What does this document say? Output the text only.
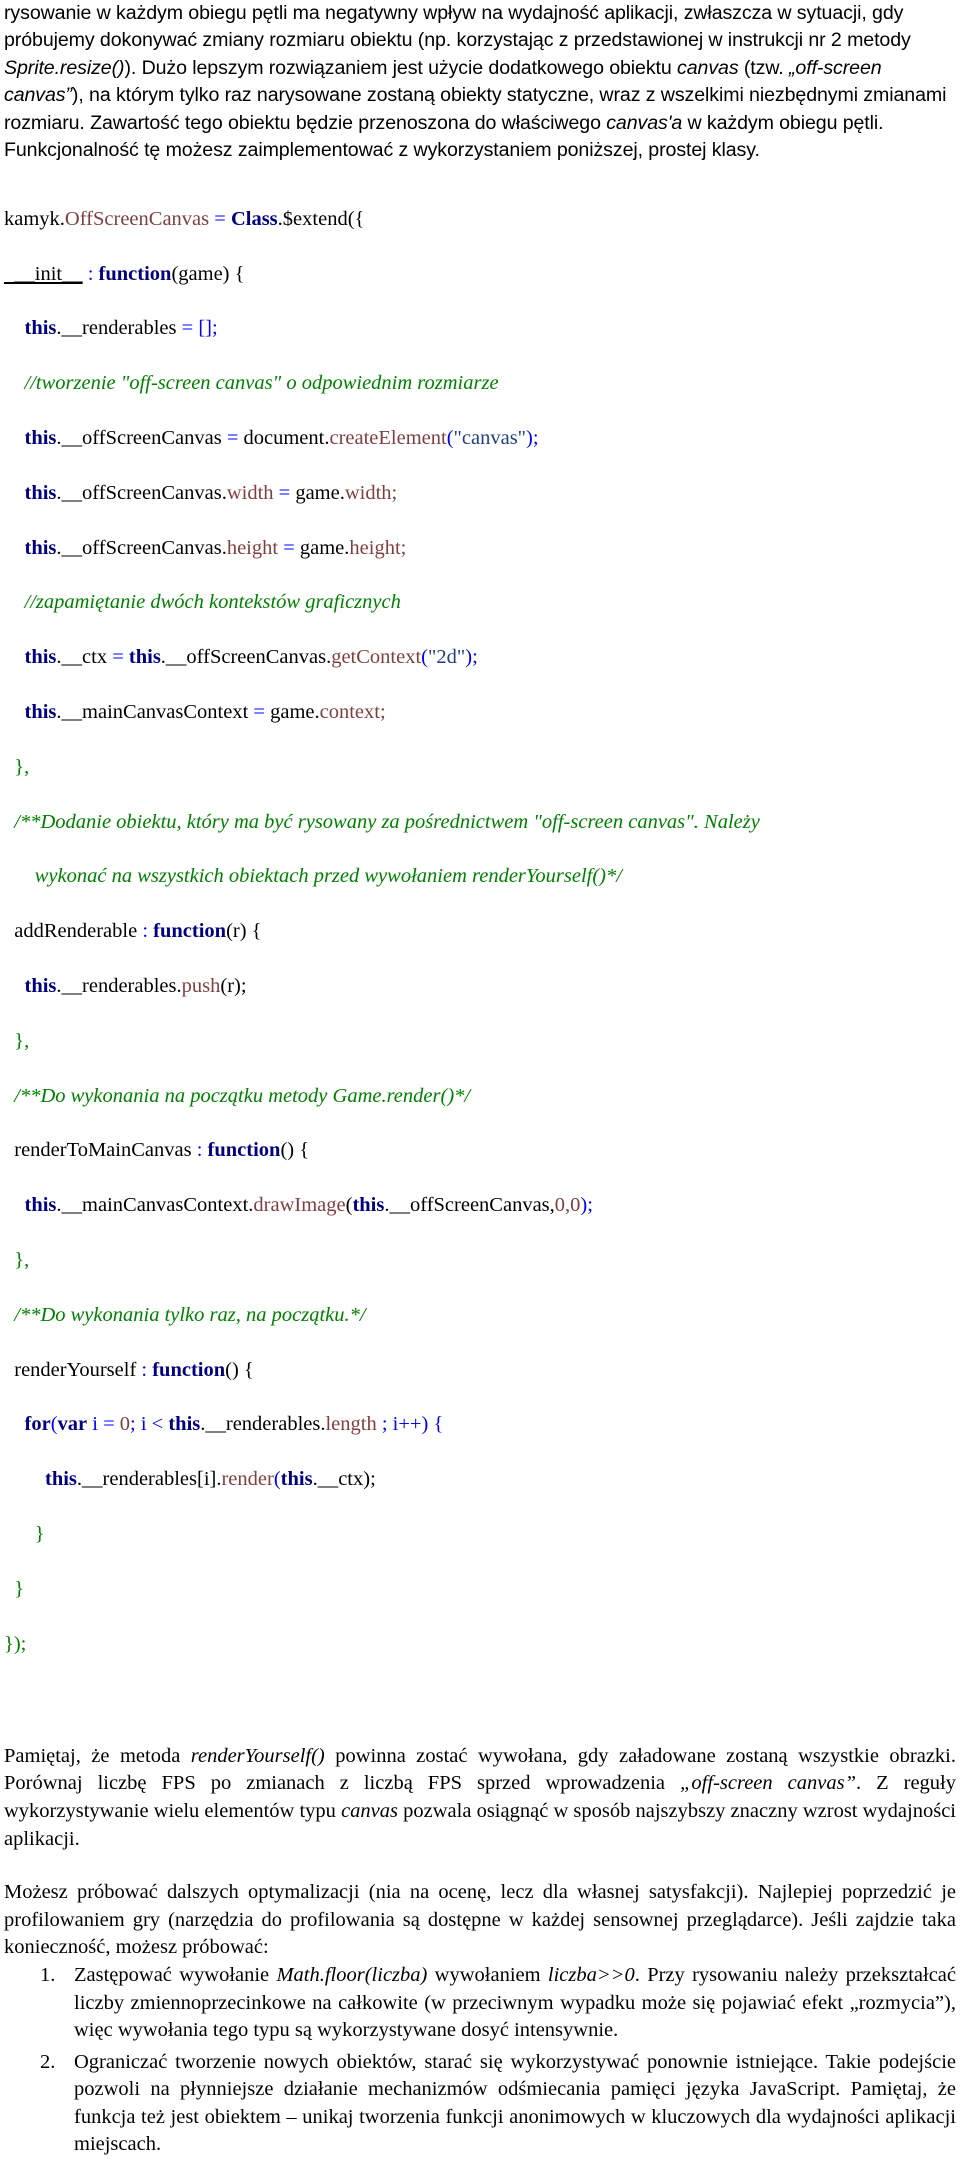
rysowanie w każdym obiegu pętli ma negatywny wpływ na wydajność aplikacji, zwłaszcza w sytuacji, gdy próbujemy dokonywać zmiany rozmiaru obiektu (np. korzystając z przedstawionej w instrukcji nr 2 metody Sprite.resize()). Dużo lepszym rozwiązaniem jest użycie dodatkowego obiektu canvas (tzw. „off-screen canvas”), na którym tylko raz narysowane zostaną obiekty statyczne, wraz z wszelkimi niezbędnymi zmianami rozmiaru. Zawartość tego obiektu będzie przenoszona do właściwego canvas'a w każdym obiegu pętli. Funkcjonalność tę możesz zaimplementować z wykorzystaniem poniższej, prostej klasy.

kamyk.OffScreenCanvas = Class.$extend({

__init__ : function(game) {

this.__renderables = [];

//tworzenie "off-screen canvas" o odpowiednim rozmiarze

this.__offScreenCanvas = document.createElement("canvas");

this.__offScreenCanvas.width = game.width;

this.__offScreenCanvas.height = game.height;

//zapamiętanie dwóch kontekstów graficznych

this.__ctx = this.__offScreenCanvas.getContext("2d");

this.__mainCanvasContext = game.context;

},

/**Dodanie obiektu, który ma być rysowany za pośrednictwem "off-screen canvas". Należy

wykonać na wszystkich obiektach przed wywołaniem renderYourself()*/

addRenderable : function(r) {

this.__renderables.push(r);

},

/**Do wykonania na początku metody Game.render()*/

renderToMainCanvas : function() {

this.__mainCanvasContext.drawImage(this.__offScreenCanvas,0,0);

},

/**Do wykonania tylko raz, na początku.*/

renderYourself : function() {

for(var i = 0; i < this.__renderables.length ; i++) {

this.__renderables[i].render(this.__ctx);

}

}

});

Pamiętaj, że metoda renderYourself() powinna zostać wywołana, gdy załadowane zostaną wszystkie obrazki. Porównaj liczbę FPS po zmianach z liczbą FPS sprzed wprowadzenia „off-screen canvas”. Z reguły wykorzystywanie wielu elementów typu canvas pozwala osiągnąć w sposób najszybszy znaczny wzrost wydajności aplikacji.

Możesz próbować dalszych optymalizacji (nia na ocenę, lecz dla własnej satysfakcji). Najlepiej poprzedzić je profilowaniem gry (narzędzia do profilowania są dostępne w każdej sensownej przeglądarce). Jeśli zajdzie taka konieczność, możesz próbować:

1. Zastępować wywołanie Math.floor(liczba) wywołaniem liczba>>0. Przy rysowaniu należy przekształcać liczby zmiennoprzecinkowe na całkowite (w przeciwnym wypadku może się pojawiać efekt „rozmycia”), więc wywołania tego typu są wykorzystywane dosyć intensywnie.
2. Ograniczać tworzenie nowych obiektów, starać się wykorzystywać ponownie istniejące. Takie podejście pozwoli na płynniejsze działanie mechanizmów odśmiecania pamięci języka JavaScript. Pamiętaj, że funkcja też jest obiektem – unikaj tworzenia funkcji anonimowych w kluczowych dla wydajności aplikacji miejscach.
